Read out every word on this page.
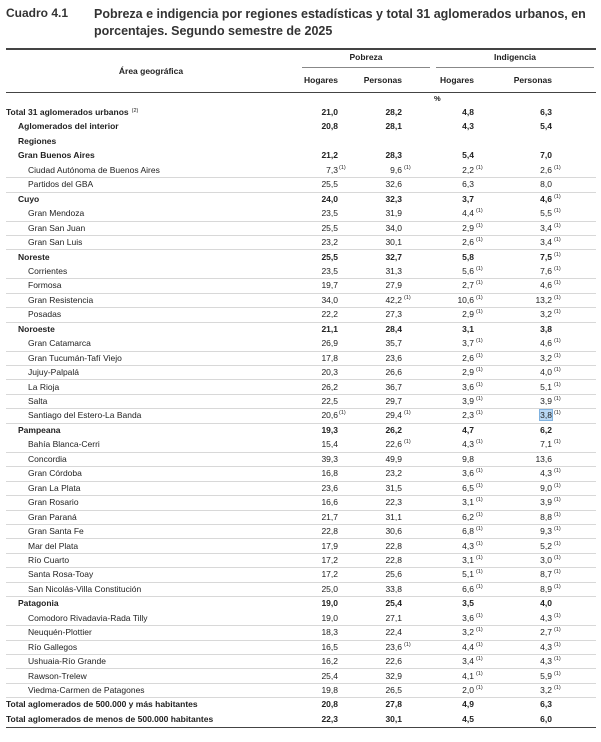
Cuadro 4.1 Pobreza e indigencia por regiones estadísticas y total 31 aglomerados urbanos, en porcentajes. Segundo semestre de 2025
Área geográfica
Pobreza	Indigencia
Hogares	Personas	Hogares	Personas
%
Total 31 aglomerados urbanos $^{(2)}$	21,0	28,2	4,8	6,3
Aglomerados del interior	20,8	28,1	4,3	5,4
Regiones
Gran Buenos Aires	21,2	28,3	5,4	7,0
Ciudad Autónoma de Buenos Aires	7,3 (1)	9,6 (1)	2,2 (1)	2,6 (1)
Partidos del GBA	25,5	32,6	6,3	8,0
Cuyo	24,0	32,3	3,7	4,6 (1)
Gran Mendoza	23,5	31,9	4,4 (1)	5,5 (1)
Gran San Juan	25,5	34,0	2,9 (1)	3,4 (1)
Gran San Luis	23,2	30,1	2,6 (1)	3,4 (1)
Noreste	25,5	32,7	5,8	7,5 (1)
Corrientes	23,5	31,3	5,6 (1)	7,6 (1)
Formosa	19,7	27,9	2,7 (1)	4,6 (1)
Gran Resistencia	34,0	42,2 (1)	10,6 (1)	13,2 (1)
Posadas	22,2	27,3	2,9 (1)	3,2 (1)
Noroeste	21,1	28,4	3,1	3,8
Gran Catamarca	26,9	35,7	3,7 (1)	4,6 (1)
Gran Tucumán-Tafí Viejo	17,8	23,6	2,6 (1)	3,2 (1)
Jujuy-Palpalá	20,3	26,6	2,9 (1)	4,0 (1)
La Rioja	26,2	36,7	3,6 (1)	5,1 (1)
Salta	22,5	29,7	3,9 (1)	3,9 (1)
Santiago del Estero-La Banda	20,6 (1)	29,4 (1)	2,3 (1)	3,8 (1)
Pampeana	19,3	26,2	4,7	6,2
Bahía Blanca-Cerri	15,4	22,6 (1)	4,3 (1)	7,1 (1)
Concordia	39,3	49,9	9,8	13,6
Gran Córdoba	16,8	23,2	3,6 (1)	4,3 (1)
Gran La Plata	23,6	31,5	6,5 (1)	9,0 (1)
Gran Rosario	16,6	22,3	3,1 (1)	3,9 (1)
Gran Paraná	21,7	31,1	6,2 (1)	8,8 (1)
Gran Santa Fe	22,8	30,6	6,8 (1)	9,3 (1)
Mar del Plata	17,9	22,8	4,3 (1)	5,2 (1)
Río Cuarto	17,2	22,8	3,1 (1)	3,0 (1)
Santa Rosa-Toay	17,2	25,6	5,1 (1)	8,7 (1)
San Nicolás-Villa Constitución	25,0	33,8	6,6 (1)	8,9 (1)
Patagonia	19,0	25,4	3,5	4,0
Comodoro Rivadavia-Rada Tilly	19,0	27,1	3,6 (1)	4,3 (1)
Neuquén-Plottier	18,3	22,4	3,2 (1)	2,7 (1)
Río Gallegos	16,5	23,6 (1)	4,4 (1)	4,3 (1)
Ushuaia-Río Grande	16,2	22,6	3,4 (1)	4,3 (1)
Rawson-Trelew	25,4	32,9	4,1 (1)	5,9 (1)
Viedma-Carmen de Patagones	19,8	26,5	2,0 (1)	3,2 (1)
Total aglomerados de 500.000 y más habitantes	20,8	27,8	4,9	6,3
Total aglomerados de menos de 500.000 habitantes	22,3	30,1	4,5	6,0
